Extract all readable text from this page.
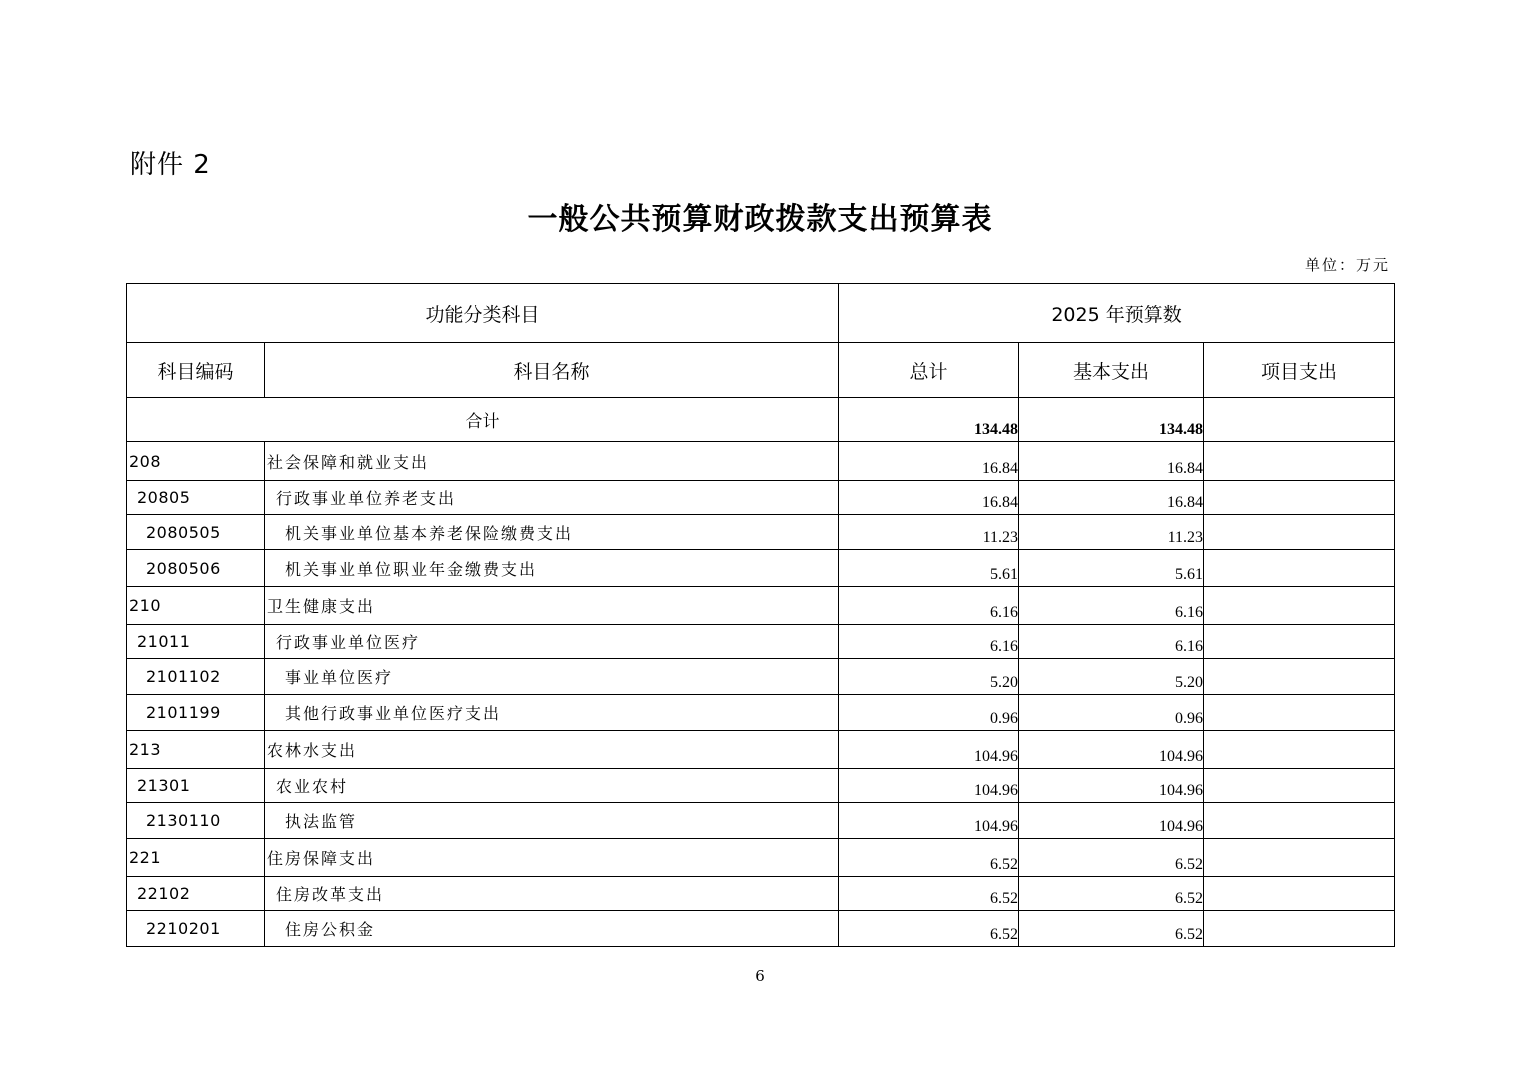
附件 2
一般公共预算财政拨款支出预算表
单位：万元
功能分类科目		2025 年预算数		
科目编码	科目名称	总计	基本支出	项目支出
合计		134.48	134.48	
208	社会保障和就业支出	16.84	16.84	
20805	行政事业单位养老支出	16.84	16.84	
2080505	机关事业单位基本养老保险缴费支出	11.23	11.23	
2080506	机关事业单位职业年金缴费支出	5.61	5.61	
210	卫生健康支出	6.16	6.16	
21011	行政事业单位医疗	6.16	6.16	
2101102	事业单位医疗	5.20	5.20	
2101199	其他行政事业单位医疗支出	0.96	0.96	
213	农林水支出	104.96	104.96	
21301	农业农村	104.96	104.96	
2130110	执法监管	104.96	104.96	
221	住房保障支出	6.52	6.52	
22102	住房改革支出	6.52	6.52	
2210201	住房公积金	6.52	6.52	
6
